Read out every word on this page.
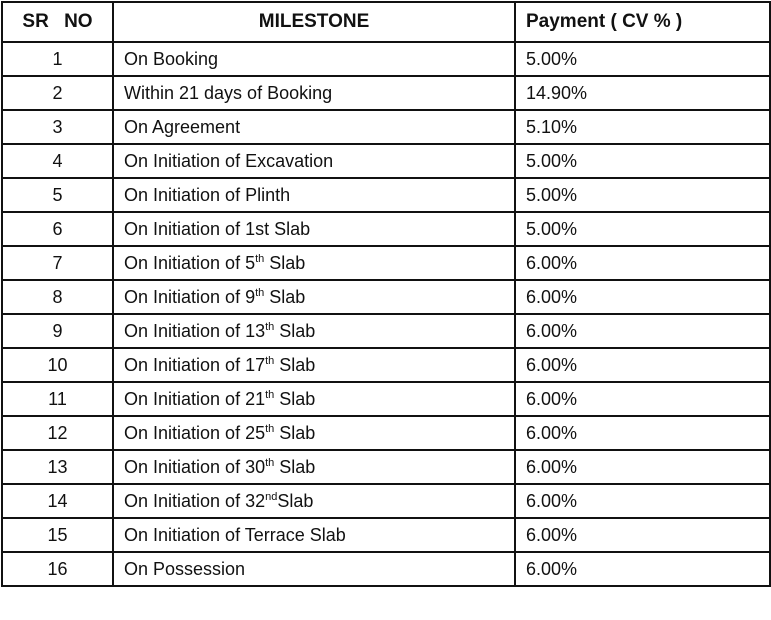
SR NO	MILESTONE	Payment ( CV % )
1	On Booking	5.00%
2	Within 21 days of Booking	14.90%
3	On Agreement	5.10%
4	On Initiation of Excavation	5.00%
5	On Initiation of Plinth	5.00%
6	On Initiation of 1st Slab	5.00%
7	On Initiation of 5th Slab	6.00%
8	On Initiation of 9th Slab	6.00%
9	On Initiation of 13th Slab	6.00%
10	On Initiation of 17th Slab	6.00%
11	On Initiation of 21th Slab	6.00%
12	On Initiation of 25th Slab	6.00%
13	On Initiation of 30th Slab	6.00%
14	On Initiation of 32ndSlab	6.00%
15	On Initiation of Terrace Slab	6.00%
16	On Possession	6.00%
